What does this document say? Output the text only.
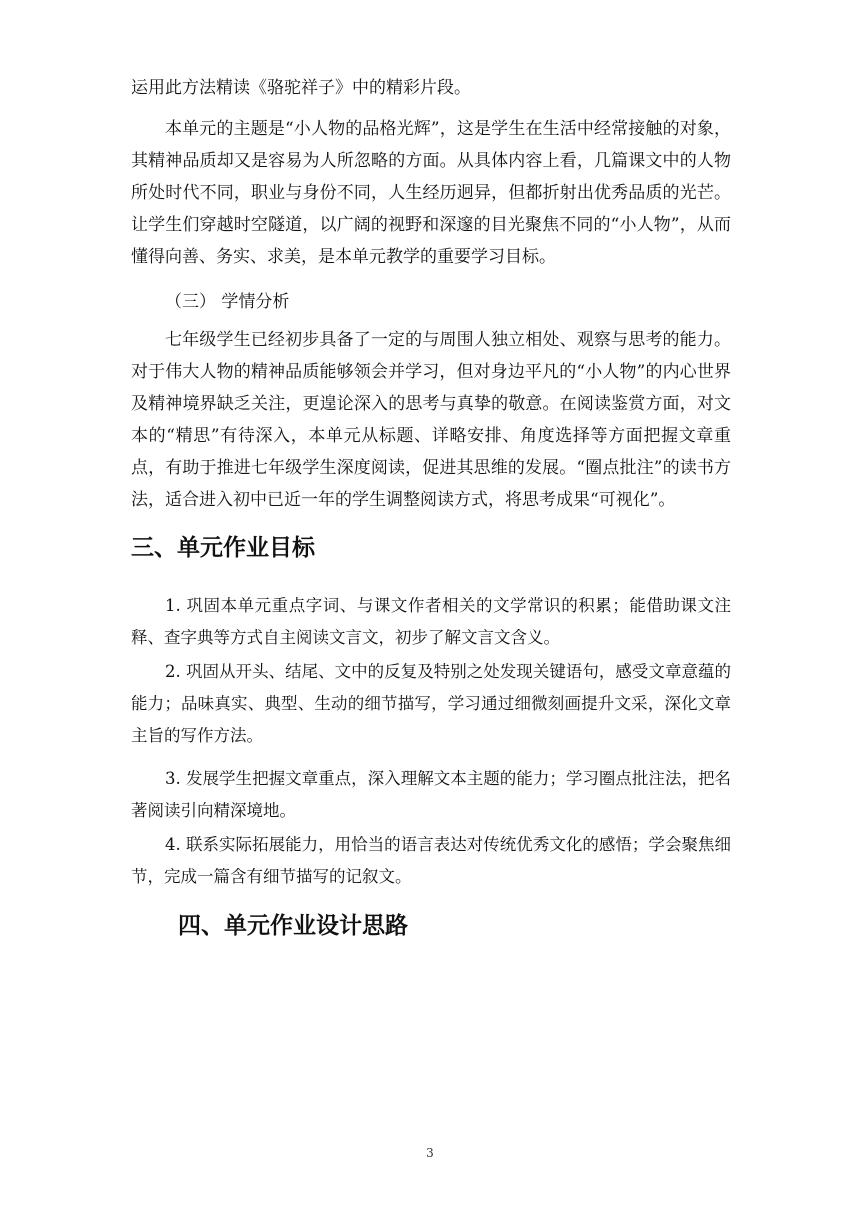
运用此方法精读《骆驼祥子》中的精彩片段。

本单元的主题是“小人物的品格光辉”，这是学生在生活中经常接触的对象，其精神品质却又是容易为人所忽略的方面。从具体内容上看，几篇课文中的人物所处时代不同，职业与身份不同，人生经历迥异，但都折射出优秀品质的光芒。让学生们穿越时空隧道，以广阔的视野和深邃的目光聚焦不同的“小人物”，从而懂得向善、务实、求美，是本单元教学的重要学习目标。

（三） 学情分析

七年级学生已经初步具备了一定的与周围人独立相处、观察与思考的能力。对于伟大人物的精神品质能够领会并学习，但对身边平凡的“小人物”的内心世界及精神境界缺乏关注，更遑论深入的思考与真挚的敬意。在阅读鉴赏方面，对文本的“精思”有待深入，本单元从标题、详略安排、角度选择等方面把握文章重点，有助于推进七年级学生深度阅读，促进其思维的发展。“圈点批注”的读书方法，适合进入初中已近一年的学生调整阅读方式，将思考成果“可视化”。

三、单元作业目标

1. 巩固本单元重点字词、与课文作者相关的文学常识的积累；能借助课文注释、查字典等方式自主阅读文言文，初步了解文言文含义。

2. 巩固从开头、结尾、文中的反复及特别之处发现关键语句，感受文章意蕴的能力；品味真实、典型、生动的细节描写，学习通过细微刻画提升文采，深化文章主旨的写作方法。

3. 发展学生把握文章重点，深入理解文本主题的能力；学习圈点批注法，把名著阅读引向精深境地。

4. 联系实际拓展能力，用恰当的语言表达对传统优秀文化的感悟；学会聚焦细节，完成一篇含有细节描写的记叙文。

四、单元作业设计思路
3
